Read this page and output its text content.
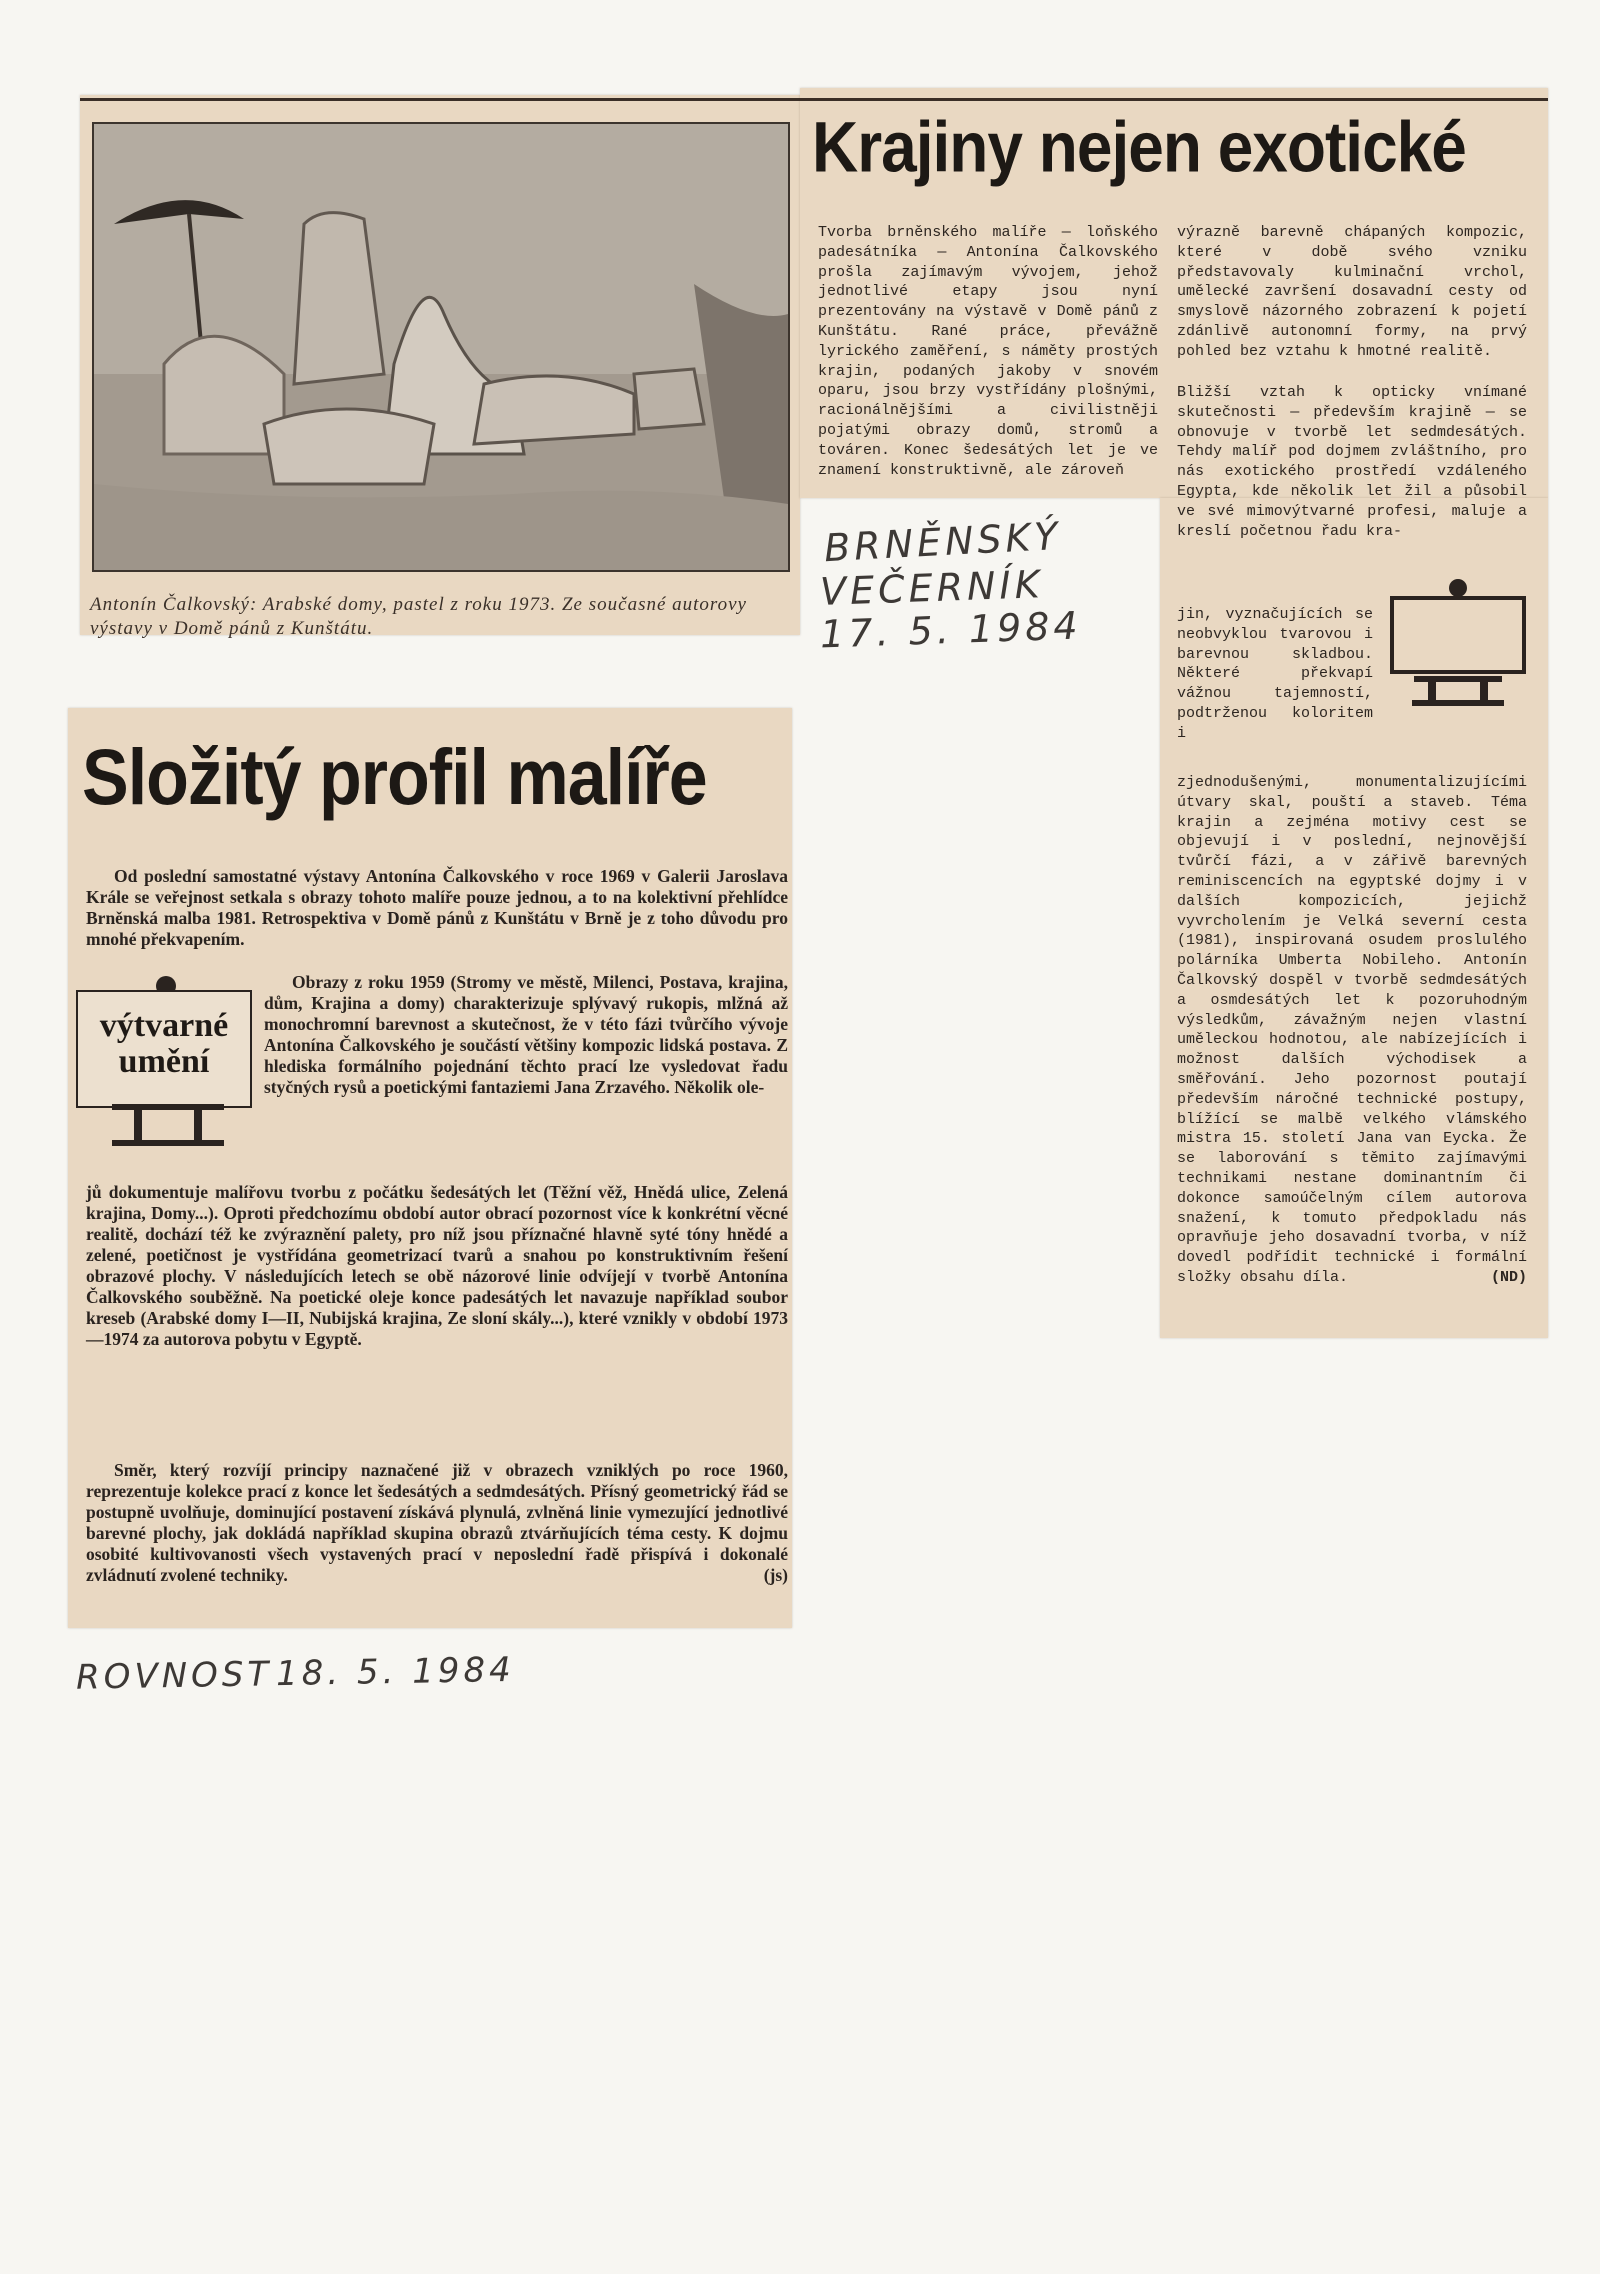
Antonín Čalkovský: Arabské domy, pastel z roku 1973. Ze současné autorovy výstavy v Domě pánů z Kunštátu.

Krajiny nejen exotické

Tvorba brněnského malíře — loňského padesátníka — Antonína Čalkovského prošla zajímavým vývojem, jehož jednotlivé etapy jsou nyní prezentovány na výstavě v Domě pánů z Kunštátu. Rané práce, převážně lyrického zaměření, s náměty prostých krajin, podaných jakoby v snovém oparu, jsou brzy vystřídány plošnými, racionálnějšími a civilistněji pojatými obrazy domů, stromů a továren. Konec šedesátých let je ve znamení konstruktivně, ale zároveň

výrazně barevně chápaných kompozic, které v době svého vzniku představovaly kulminační vrchol, umělecké završení dosavadní cesty od smyslově názorného zobrazení k pojetí zdánlivě autonomní formy, na prvý pohled bez vztahu k hmotné realitě.

Bližší vztah k opticky vnímané skutečnosti — především krajině — se obnovuje v tvorbě let sedmdesátých. Tehdy malíř pod dojmem zvláštního, pro nás exotického prostředí vzdáleného Egypta, kde několik let žil a působil ve své mimovýtvarné profesi, maluje a kreslí početnou řadu kra-

jin, vyznačujících se neobvyklou tvarovou i barevnou skladbou. Některé překvapí vážnou tajemností, podtrženou koloritem i

zjednodušenými, monumentalizujícími útvary skal, pouští a staveb. Téma krajin a zejména motivy cest se objevují i v poslední, nejnovější tvůrčí fázi, a v zářivě barevných reminiscencích na egyptské dojmy i v dalších kompozicích, jejichž vyvrcholením je Velká severní cesta (1981), inspirovaná osudem proslulého polárníka Umberta Nobileho. Antonín Čalkovský dospěl v tvorbě sedmdesátých a osmdesátých let k pozoruhodným výsledkům, závažným nejen vlastní uměleckou hodnotou, ale nabízejících i možnost dalších východisek a směřování. Jeho pozornost poutají především náročné technické postupy, blížící se malbě velkého vlámského mistra 15. století Jana van Eycka. Že se laborování s těmito zajímavými technikami nestane dominantním či dokonce samoúčelným cílem autorova snažení, k tomuto předpokladu nás opravňuje jeho dosavadní tvorba, v níž dovedl podřídit technické i formální složky obsahu díla.	(ND)

Složitý profil malíře

Od poslední samostatné výstavy Antonína Čalkovského v roce 1969 v Galerii Jaroslava Krále se veřejnost setkala s obrazy tohoto malíře pouze jednou, a to na kolektivní přehlídce Brněnská malba 1981. Retrospektiva v Domě pánů z Kunštátu v Brně je z toho důvodu pro mnohé překvapením.

výtvarné
umění

Obrazy z roku 1959 (Stromy ve městě, Milenci, Postava, krajina, dům, Krajina a domy) charakterizuje splývavý rukopis, mlžná až monochromní barevnost a skutečnost, že v této fázi tvůrčího vývoje Antonína Čalkovského je součástí většiny kompozic lidská postava. Z hlediska formálního pojednání těchto prací lze vysledovat řadu styčných rysů a poetickými fantaziemi Jana Zrzavého. Několik ole-

jů dokumentuje malířovu tvorbu z počátku šedesátých let (Těžní věž, Hnědá ulice, Zelená krajina, Domy...). Oproti předchozímu období autor obrací pozornost více k konkrétní věcné realitě, dochází též ke zvýraznění palety, pro níž jsou příznačné hlavně syté tóny hnědé a zelené, poetičnost je vystřídána geometrizací tvarů a snahou po konstruktivním řešení obrazové plochy. V následujících letech se obě názorové linie odvíjejí v tvorbě Antonína Čalkovského souběžně. Na poetické oleje konce padesátých let navazuje například soubor kreseb (Arabské domy I—II, Nubijská krajina, Ze sloní skály...), které vznikly v období 1973—1974 za autorova pobytu v Egyptě.

Směr, který rozvíjí principy naznačené již v obrazech vzniklých po roce 1960, reprezentuje kolekce prací z konce let šedesátých a sedmdesátých. Přísný geometrický řád se postupně uvolňuje, dominující postavení získává plynulá, zvlněná linie vymezující jednotlivé barevné plochy, jak dokládá například skupina obrazů ztvárňujících téma cesty. K dojmu osobité kultivovanosti všech vystavených prací v neposlední řadě přispívá i dokonalé zvládnutí zvolené techniky.	(js)

BRNĚNSKÝ
VEČERNÍK
17. 5. 1984
ROVNOST 18. 5. 1984
